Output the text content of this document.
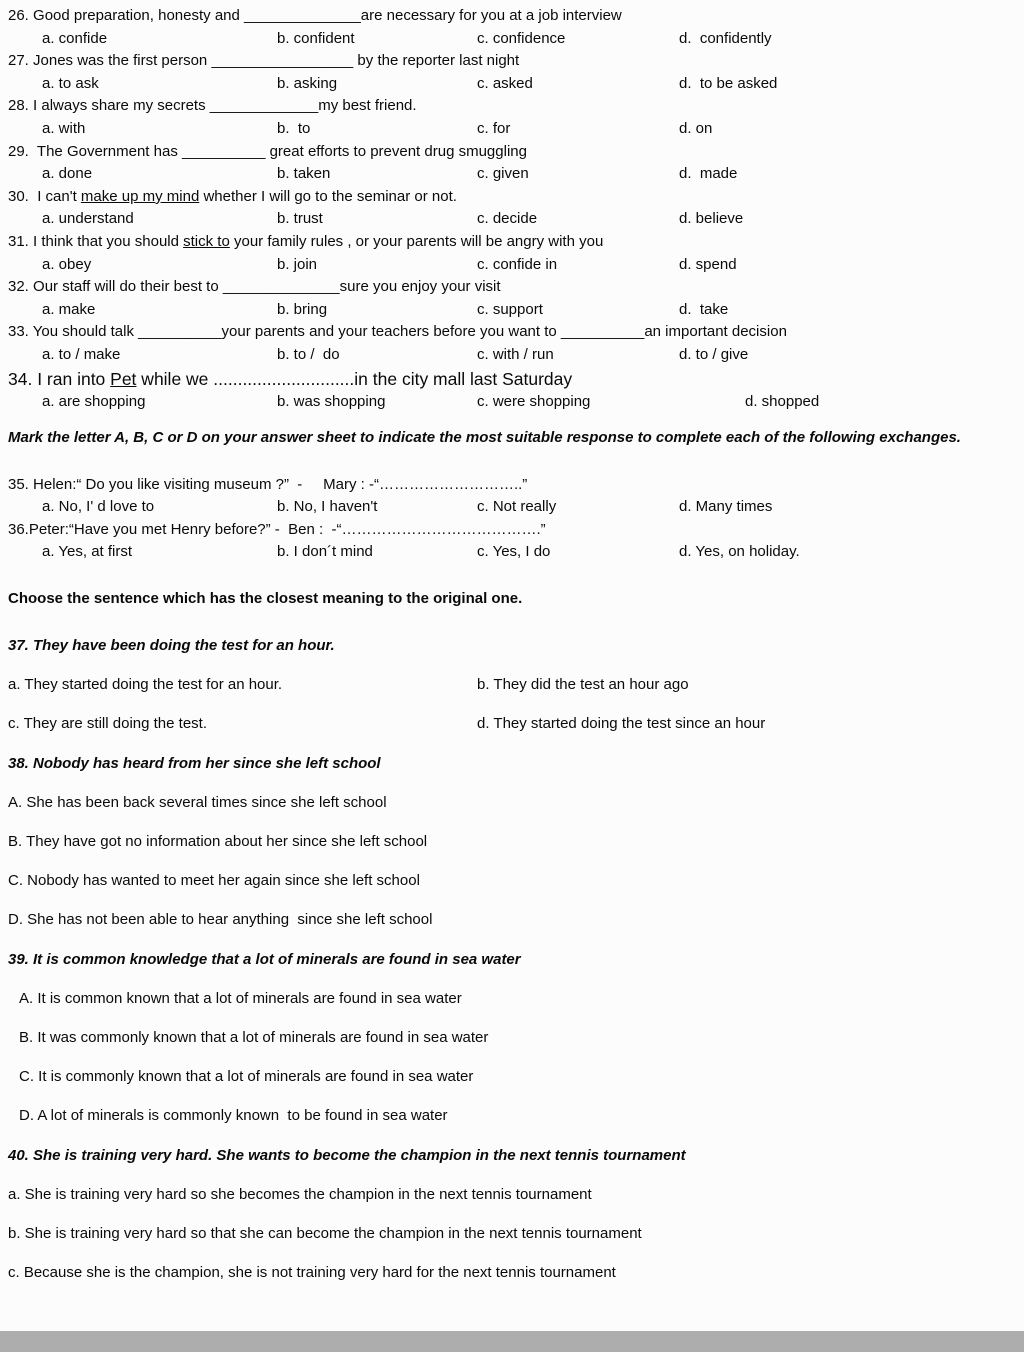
26. Good preparation, honesty and ______________are necessary for you at a job interview
a. confide	b. confident	c. confidence	d.  confidently
27. Jones was the first person _________________ by the reporter last night
a. to ask	b. asking	c. asked	d.  to be asked
28. I always share my secrets _____________my best friend.
a. with	b.  to	c. for	d. on
29.  The Government has __________ great efforts to prevent drug smuggling
a. done	b. taken	c. given	d.  made
30.  I can't make up my mind whether I will go to the seminar or not.
a. understand	b. trust	c. decide	d. believe
31. I think that you should stick to your family rules , or your parents will be angry with you
a. obey	b. join	c. confide in	d. spend
32. Our staff will do their best to ______________sure you enjoy your visit
a. make	b. bring	c. support	d.  take
33. You should talk __________your parents and your teachers before you want to __________an important decision
a. to / make	b. to /  do	c. with / run	d. to / give
34. I ran into Pet while we .............................in the city mall last Saturday
a. are shopping	b. was shopping	c. were shopping	d. shopped
Mark the letter A, B, C or D on your answer sheet to indicate the most suitable response to complete each of the following exchanges.
35. Helen:“ Do you like visiting museum ?”  -     Mary : -“………………………..”
a. No, I' d love to	b. No, I haven't	c. Not really	d. Many times
36.Peter:“Have you met Henry before?” -  Ben :  -“………………………………….”
a. Yes, at first	b. I don´t mind	c. Yes, I do	d. Yes, on holiday.
Choose the sentence which has the closest meaning to the original one.
37. They have been doing the test for an hour.
a. They started doing the test for an hour.	b. They did the test an hour ago
c. They are still doing the test.	d. They started doing the test since an hour
38. Nobody has heard from her since she left school
A. She has been back several times since she left school
B. They have got no information about her since she left school
C. Nobody has wanted to meet her again since she left school
D. She has not been able to hear anything  since she left school
39. It is common knowledge that a lot of minerals are found in sea water
A. It is common known that a lot of minerals are found in sea water
B. It was commonly known that a lot of minerals are found in sea water
C. It is commonly known that a lot of minerals are found in sea water
D. A lot of minerals is commonly known  to be found in sea water
40. She is training very hard. She wants to become the champion in the next tennis tournament
a. She is training very hard so she becomes the champion in the next tennis tournament
b. She is training very hard so that she can become the champion in the next tennis tournament
c. Because she is the champion, she is not training very hard for the next tennis tournament
